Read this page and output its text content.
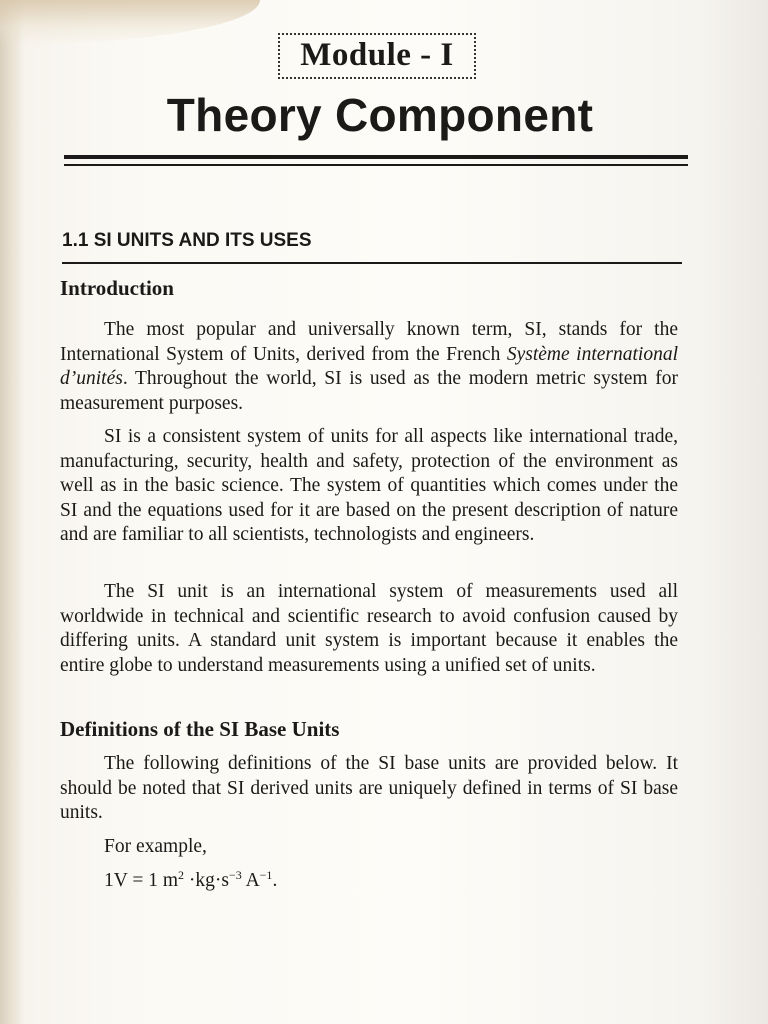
Module - I
Theory Component
1.1 SI UNITS AND ITS USES
Introduction

The most popular and universally known term, SI, stands for the International System of Units, derived from the French Système international d’unités. Throughout the world, SI is used as the modern metric system for measurement purposes.

SI is a consistent system of units for all aspects like international trade, manufacturing, security, health and safety, protection of the environment as well as in the basic science. The system of quantities which comes under the SI and the equations used for it are based on the present description of nature and are familiar to all scientists, technologists and engineers.

The SI unit is an international system of measurements used all worldwide in technical and scientific research to avoid confusion caused by differing units. A standard unit system is important because it enables the entire globe to understand measurements using a unified set of units.

Definitions of the SI Base Units

The following definitions of the SI base units are provided below. It should be noted that SI derived units are uniquely defined in terms of SI base units.

For example,
1V = 1 $m^2 \cdot kg\cdot s^{-3}$ $A^{-1}$.
